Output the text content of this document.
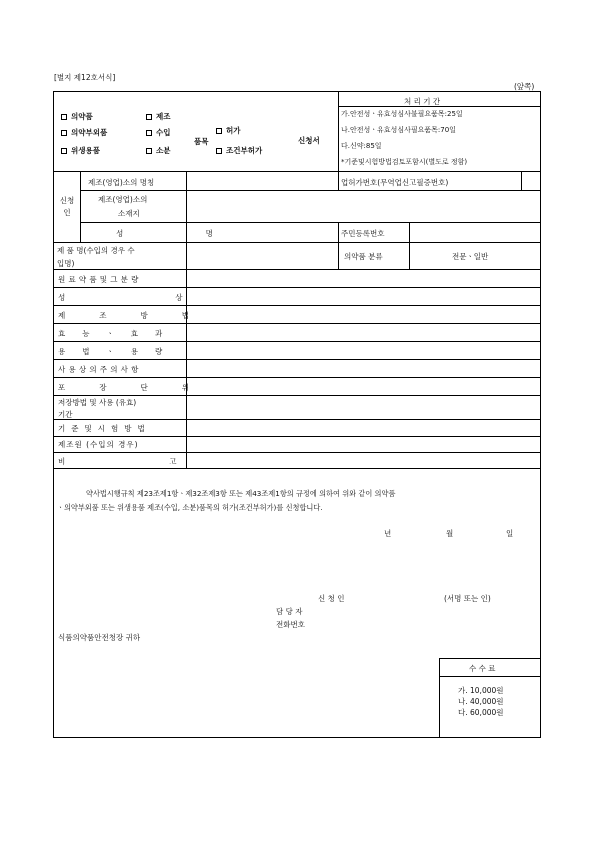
[별지 제12호서식]
(앞쪽)
의약품
의약부외품
위생용품
제조
수입
소분
품목
허가
조건부허가
신청서
처 리 기 간
가.안전성ㆍ유효성심사불필요품목:25일
나.안전성ㆍ유효성심사필요품목:70일
다.신약:85일
*기준및시험방법검토포함시(별도로 정함)
신청인
제조(영업)소의 명칭	업허가번호(무역업신고필증번호)
제조(영업)소의
소재지
성 명	주민등록번호
제 품 명(수입의 경우 수
입명)
의약품 분류	전문ㆍ일반
원료약품및그분량
성상
제조방법
효능ㆍ효과
용법ㆍ용량
사용상의주의사항
포장단위
저장방법 및 사용 (유효)
기간
기준및시험방법
제조원 (수입의 경우)
비고
약사법시행규칙 제23조제1항ㆍ제32조제3항 또는 제43조제1항의 규정에 의하여 위와 같이 의약품
ㆍ의약부외품 또는 위생용품 제조(수입, 소분)품목의 허가(조건부허가)를 신청합니다.
년	월	일
신 청 인	(서명 또는 인)
담 당 자
전화번호
식품의약품안전청장 귀하
수 수 료
가. 10,000원
나. 40,000원
다. 60,000원
